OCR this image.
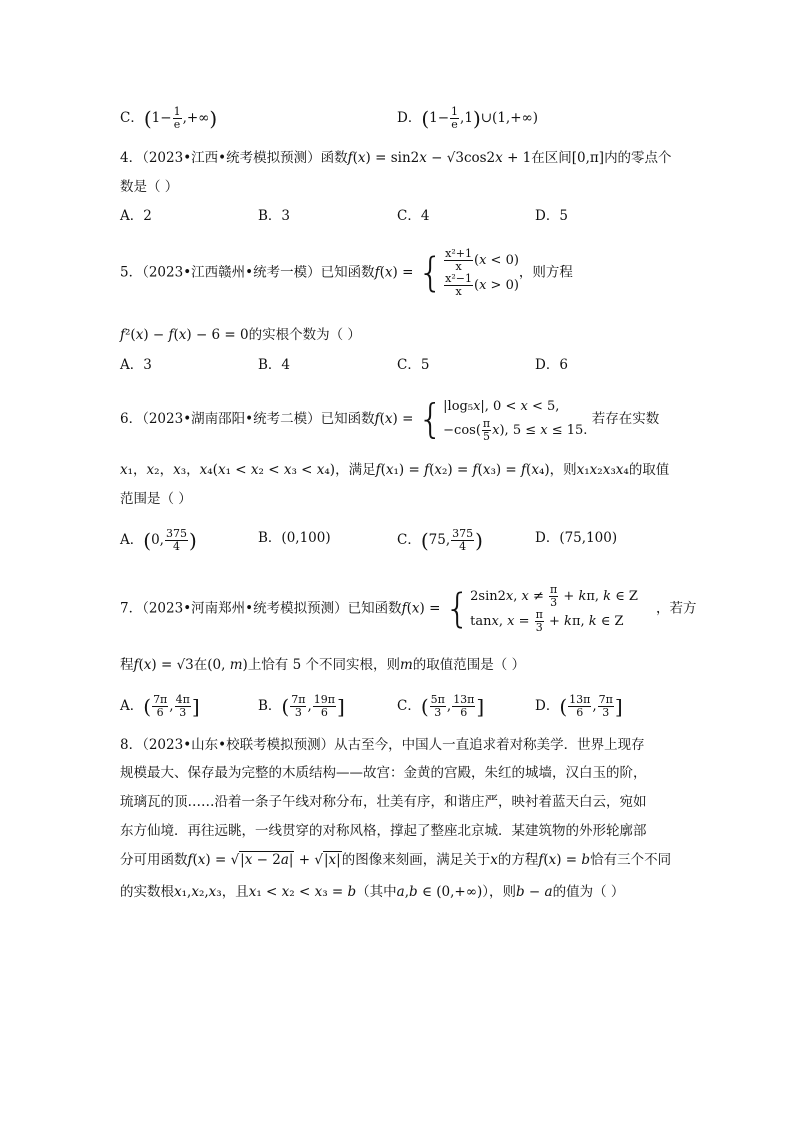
C．($1- \frac{1}{e}$ ,+∞)	D．($1- \frac{1}{e}$ ,1)∪(1,+∞)
4．（2023•江西•统考模拟预测）函数f(x) = sin2x − √3cos2x + 1在区间[0,π]内的零点个
数是（ ）
A．2	B．3	C．4	D．5
5．（2023•江西赣州•统考一模）已知函数f(x) = { $\frac{\text{x²+1}}{x} (x < 0)$
$\frac{\text{x²−1}}{x} (x > 0)$
，则方程
f²(x) − f(x) − 6 = 0的实根个数为（ ）
A．3	B．4	C．5	D．6
6．（2023•湖南邵阳•统考二模）已知函数f(x) = { |log₅x|, 0 < x < 5,
$-\cos( \frac{\pi}{5} x)$, 5 ≤ x ≤ 15.
若存在实数
x₁，x₂，x₃，x₄(x₁ < x₂ < x₃ < x₄)，满足f(x₁) = f(x₂) = f(x₃) = f(x₄)，则x₁x₂x₃x₄的取值
范围是（ ）
A．(0, $\frac{375}{4}$ )	B．(0,100)	C．(75, $\frac{375}{4}$ )	D．(75,100)
7．（2023•河南郑州•统考模拟预测）已知函数f(x) = { 2sin2x, $x \ne \frac{\pi}{3} + k\pi$, k ∈ Z
tanx, $x = \frac{\pi}{3} + k\pi$, k ∈ Z
，若方
程f(x) = √3在(0, m)上恰有 5 个不同实根，则m的取值范围是（ ）
A．( $\frac{7\pi}{6}$ , $\frac{4\pi}{3}$ ]	B．( $\frac{7\pi}{3}$ , $\frac{19\pi}{6}$ ]	C．( $\frac{5\pi}{3}$ , $\frac{13\pi}{6}$ ]	D．( $\frac{13\pi}{6}$ , $\frac{7\pi}{3}$ ]
8．（2023•山东•校联考模拟预测）从古至今，中国人一直追求着对称美学．世界上现存
规模最大、保存最为完整的木质结构——故宫：金黄的宫殿，朱红的城墙，汉白玉的阶，
琉璃瓦的顶……沿着一条子午线对称分布，壮美有序，和谐庄严，映衬着蓝天白云，宛如
东方仙境．再往远眺，一线贯穿的对称风格，撑起了整座北京城．某建筑物的外形轮廓部
分可用函数f(x) = √|x − 2a| + √|x|的图像来刻画，满足关于x的方程f(x) = b恰有三个不同
的实数根x₁,x₂,x₃，且x₁ < x₂ < x₃ = b（其中a,b ∈ (0,+∞)），则b − a的值为（ ）
